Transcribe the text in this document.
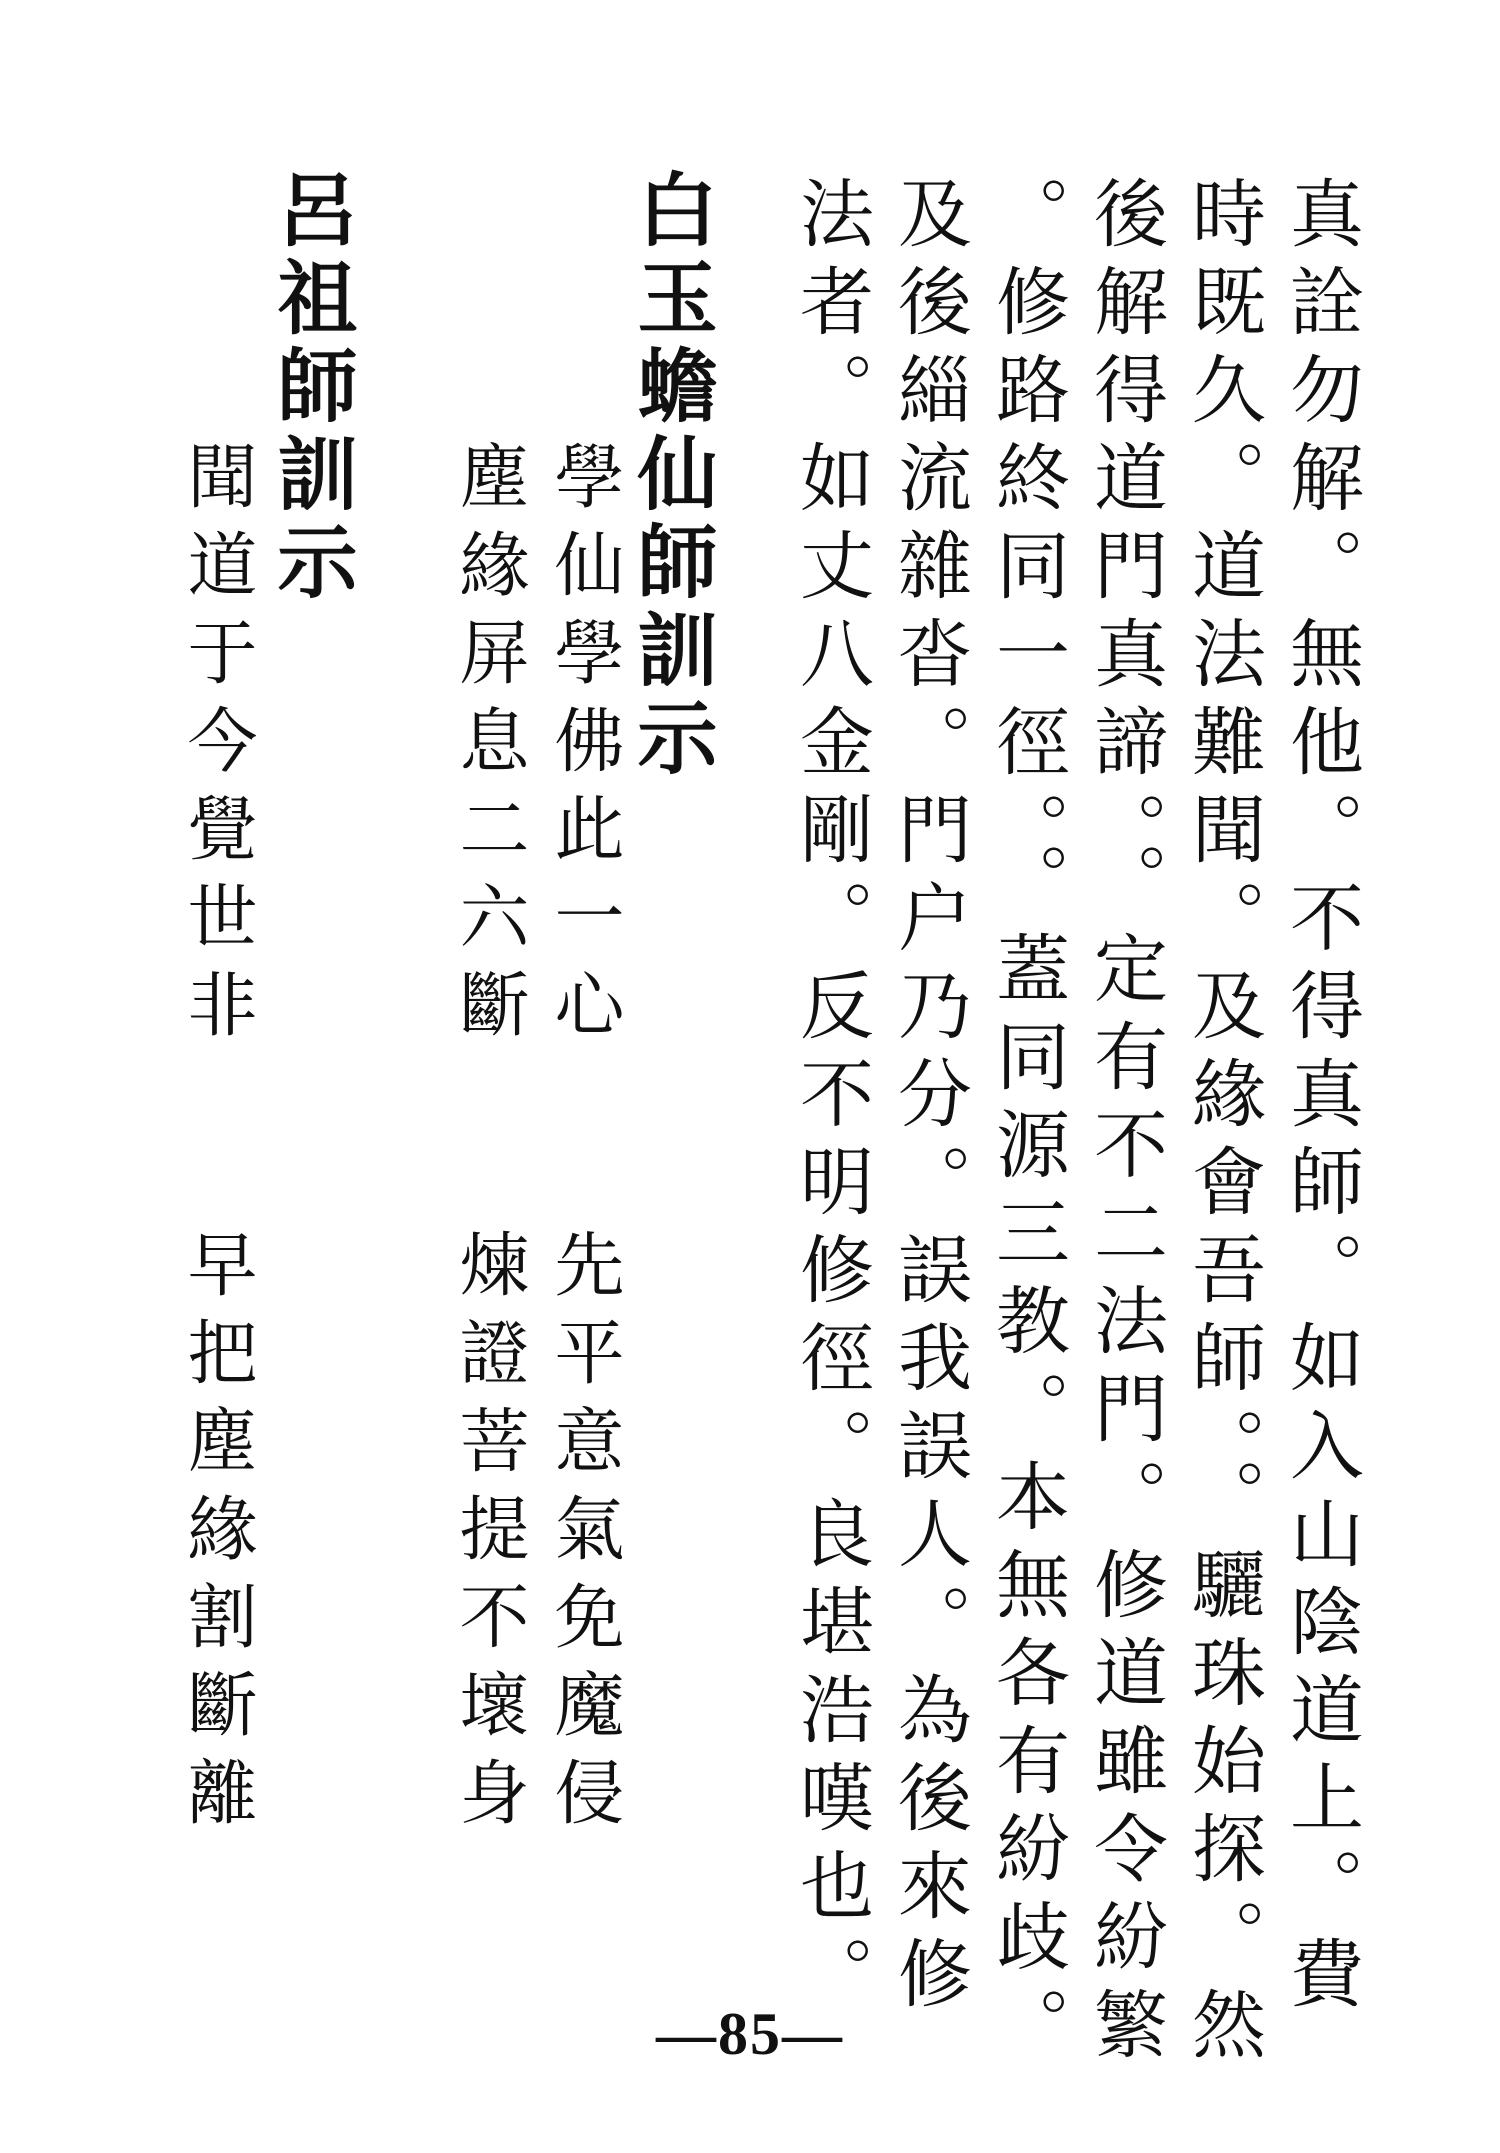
真詮勿解。無他。不得真師。如入山陰道上。費

時既久。道法難聞。及緣會吾師。。驪珠始探。然

後解得道門真諦。。定有不二法門。修道雖令紛繁

。修路終同一徑。。蓋同源三教。本無各有紛歧。

及後緇流雜沓。門户乃分。誤我誤人。為後來修

法者。如丈八金剛。反不明修徑。良堪浩嘆也。

白玉蟾仙師訓示

學仙學佛此一心

塵緣屏息二六斷

先平意氣免魔侵

煉證菩提不壞身

呂祖師訓示

聞道于今覺世非

早把塵緣割斷離

—85—
